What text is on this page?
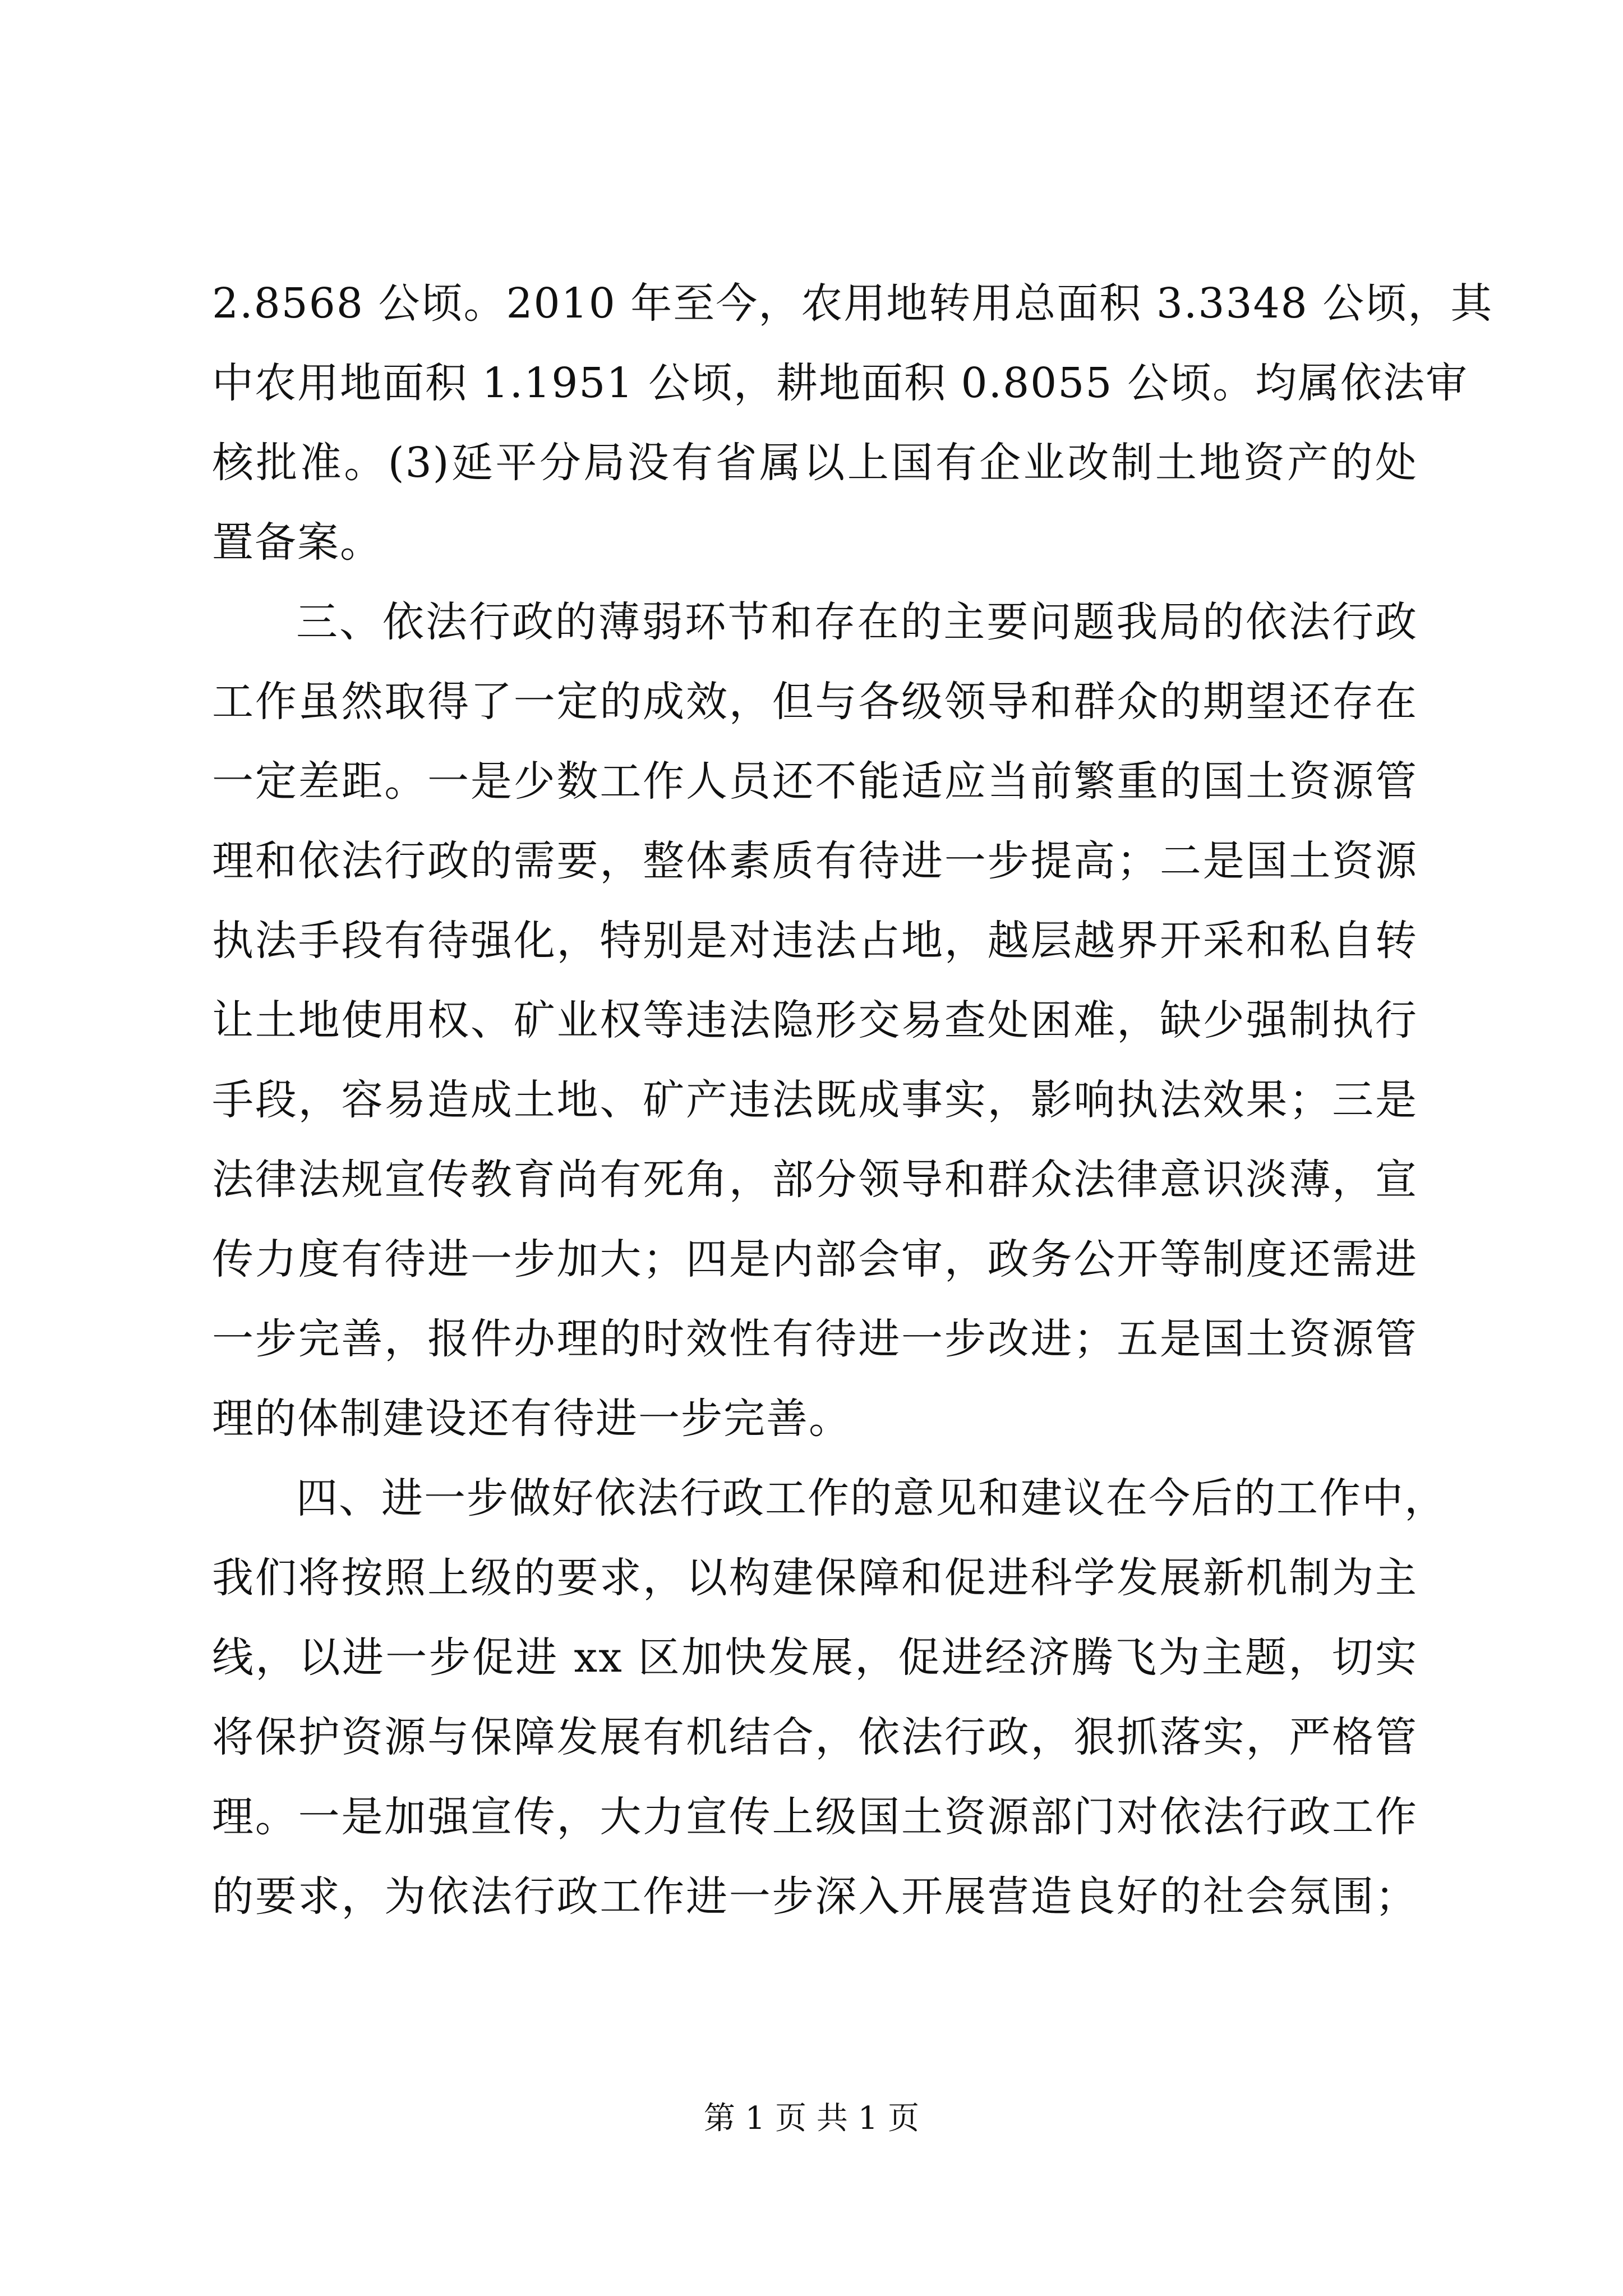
2.8568 公顷。2010 年至今，农用地转用总面积 3.3348 公顷，其
中农用地面积 1.1951 公顷，耕地面积 0.8055 公顷。均属依法审
核批准。(3)延平分局没有省属以上国有企业改制土地资产的处
置备案。
三、依法行政的薄弱环节和存在的主要问题我局的依法行政
工作虽然取得了一定的成效，但与各级领导和群众的期望还存在
一定差距。一是少数工作人员还不能适应当前繁重的国土资源管
理和依法行政的需要，整体素质有待进一步提高；二是国土资源
执法手段有待强化，特别是对违法占地，越层越界开采和私自转
让土地使用权、矿业权等违法隐形交易查处困难，缺少强制执行
手段，容易造成土地、矿产违法既成事实，影响执法效果；三是
法律法规宣传教育尚有死角，部分领导和群众法律意识淡薄，宣
传力度有待进一步加大；四是内部会审，政务公开等制度还需进
一步完善，报件办理的时效性有待进一步改进；五是国土资源管
理的体制建设还有待进一步完善。
四、进一步做好依法行政工作的意见和建议在今后的工作中，
我们将按照上级的要求，以构建保障和促进科学发展新机制为主
线，以进一步促进 xx 区加快发展，促进经济腾飞为主题，切实
将保护资源与保障发展有机结合，依法行政，狠抓落实，严格管
理。一是加强宣传，大力宣传上级国土资源部门对依法行政工作
的要求，为依法行政工作进一步深入开展营造良好的社会氛围；
第 1 页 共 1 页
